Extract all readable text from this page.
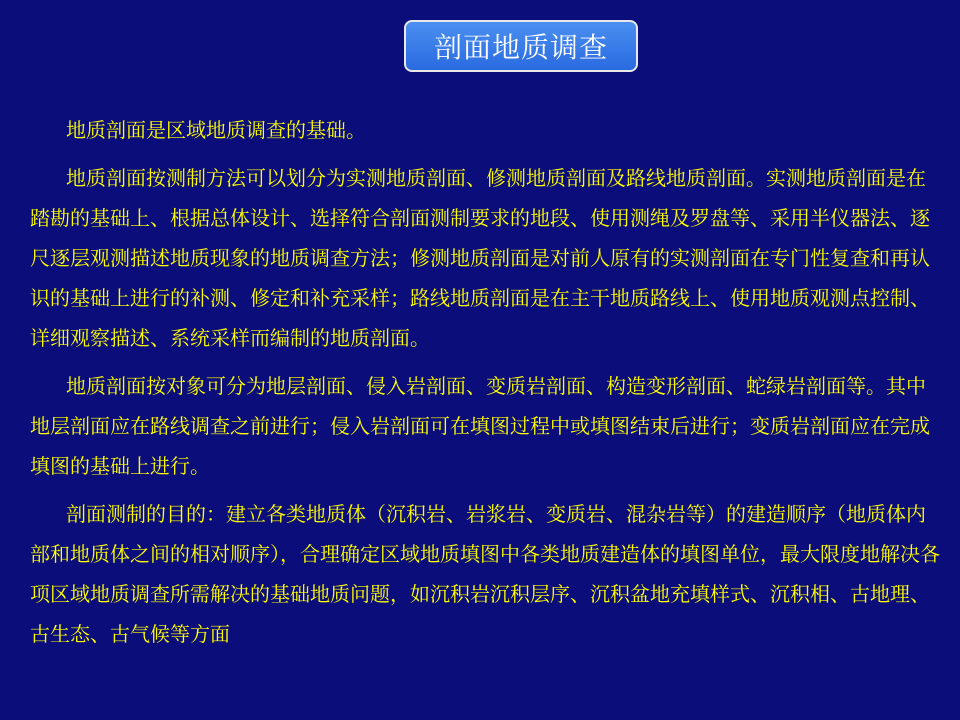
剖面地质调查

地质剖面是区域地质调查的基础。

地质剖面按测制方法可以划分为实测地质剖面、修测地质剖面及路线地质剖面。实测地质剖面是在踏勘的基础上、根据总体设计、选择符合剖面测制要求的地段、使用测绳及罗盘等、采用半仪器法、逐尺逐层观测描述地质现象的地质调查方法；修测地质剖面是对前人原有的实测剖面在专门性复查和再认识的基础上进行的补测、修定和补充采样；路线地质剖面是在主干地质路线上、使用地质观测点控制、详细观察描述、系统采样而编制的地质剖面。

地质剖面按对象可分为地层剖面、侵入岩剖面、变质岩剖面、构造变形剖面、蛇绿岩剖面等。其中地层剖面应在路线调查之前进行；侵入岩剖面可在填图过程中或填图结束后进行；变质岩剖面应在完成填图的基础上进行。

剖面测制的目的：建立各类地质体（沉积岩、岩浆岩、变质岩、混杂岩等）的建造顺序（地质体内部和地质体之间的相对顺序），合理确定区域地质填图中各类地质建造体的填图单位，最大限度地解决各项区域地质调查所需解决的基础地质问题，如沉积岩沉积层序、沉积盆地充填样式、沉积相、古地理、古生态、古气候等方面
